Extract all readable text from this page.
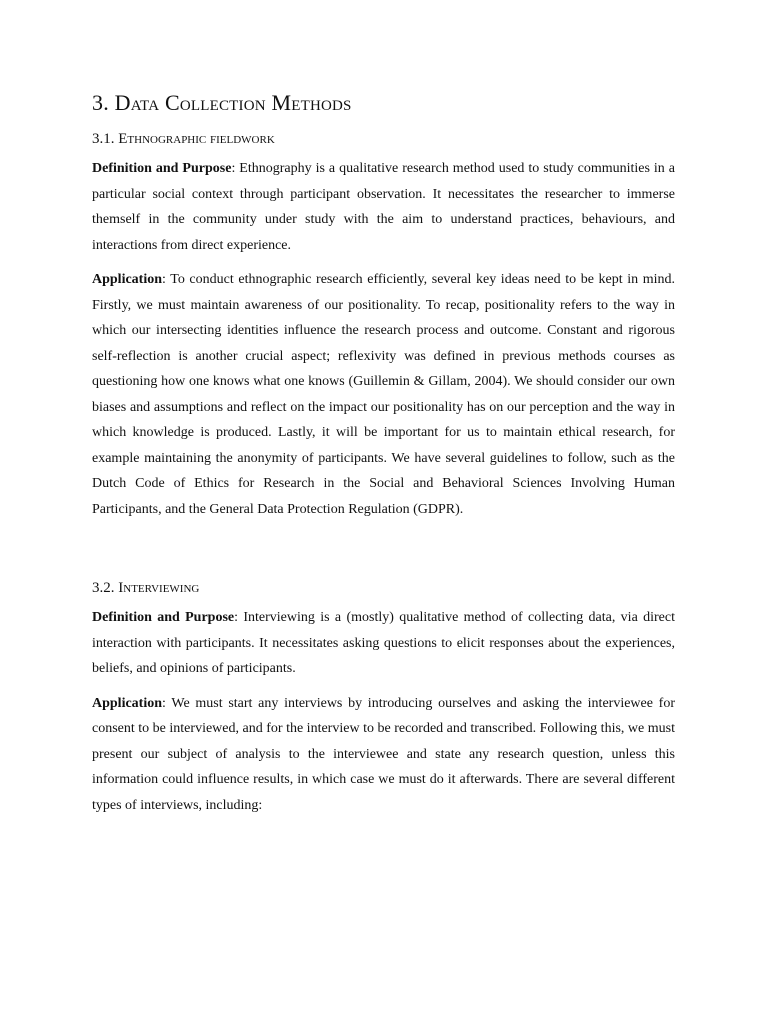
3. Data Collection Methods
3.1. Ethnographic fieldwork

Definition and Purpose: Ethnography is a qualitative research method used to study communities in a particular social context through participant observation. It necessitates the researcher to immerse themself in the community under study with the aim to understand practices, behaviours, and interactions from direct experience.

Application: To conduct ethnographic research efficiently, several key ideas need to be kept in mind. Firstly, we must maintain awareness of our positionality. To recap, positionality refers to the way in which our intersecting identities influence the research process and outcome. Constant and rigorous self-reflection is another crucial aspect; reflexivity was defined in previous methods courses as questioning how one knows what one knows (Guillemin & Gillam, 2004). We should consider our own biases and assumptions and reflect on the impact our positionality has on our perception and the way in which knowledge is produced. Lastly, it will be important for us to maintain ethical research, for example maintaining the anonymity of participants. We have several guidelines to follow, such as the Dutch Code of Ethics for Research in the Social and Behavioral Sciences Involving Human Participants, and the General Data Protection Regulation (GDPR).

3.2. Interviewing

Definition and Purpose: Interviewing is a (mostly) qualitative method of collecting data, via direct interaction with participants. It necessitates asking questions to elicit responses about the experiences, beliefs, and opinions of participants.

Application: We must start any interviews by introducing ourselves and asking the interviewee for consent to be interviewed, and for the interview to be recorded and transcribed. Following this, we must present our subject of analysis to the interviewee and state any research question, unless this information could influence results, in which case we must do it afterwards. There are several different types of interviews, including:
